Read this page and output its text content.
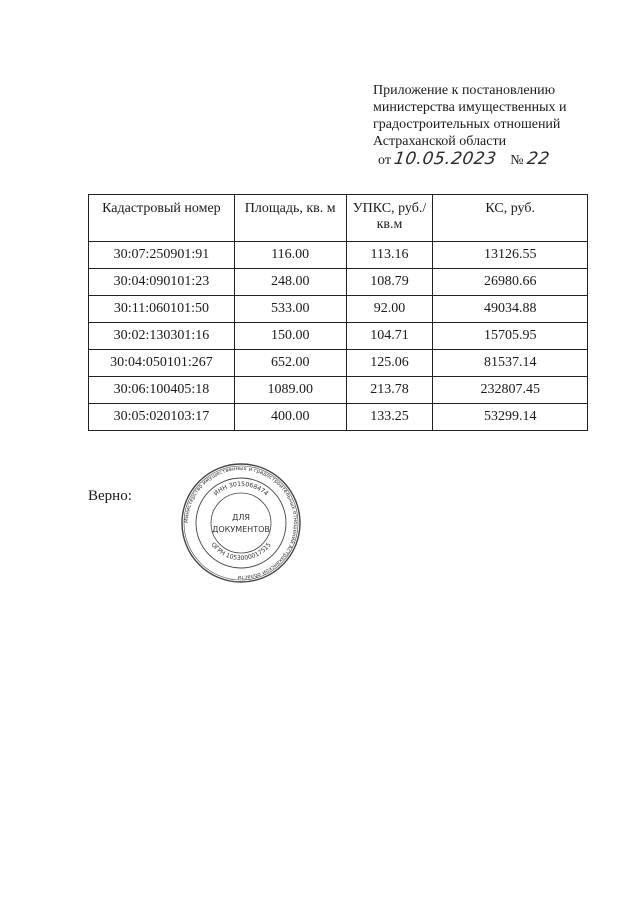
Приложение к постановлению
министерства имущественных и
градостроительных отношений
Астраханской области
от 10.05.2023 № 22
Кадастровый номер	Площадь, кв. м	УПКС, руб./кв.м	КС, руб.
30:07:250901:91	116.00	113.16	13126.55
30:04:090101:23	248.00	108.79	26980.66
30:11:060101:50	533.00	92.00	49034.88
30:02:130301:16	150.00	104.71	15705.95
30:04:050101:267	652.00	125.06	81537.14
30:06:100405:18	1089.00	213.78	232807.45
30:05:020103:17	400.00	133.25	53299.14
Верно:
Министерство имущественных и градостроительных отношений Астраханской области
ИНН 3015068474
ОГРН 1053000017515
ДЛЯ
ДОКУМЕНТОВ
